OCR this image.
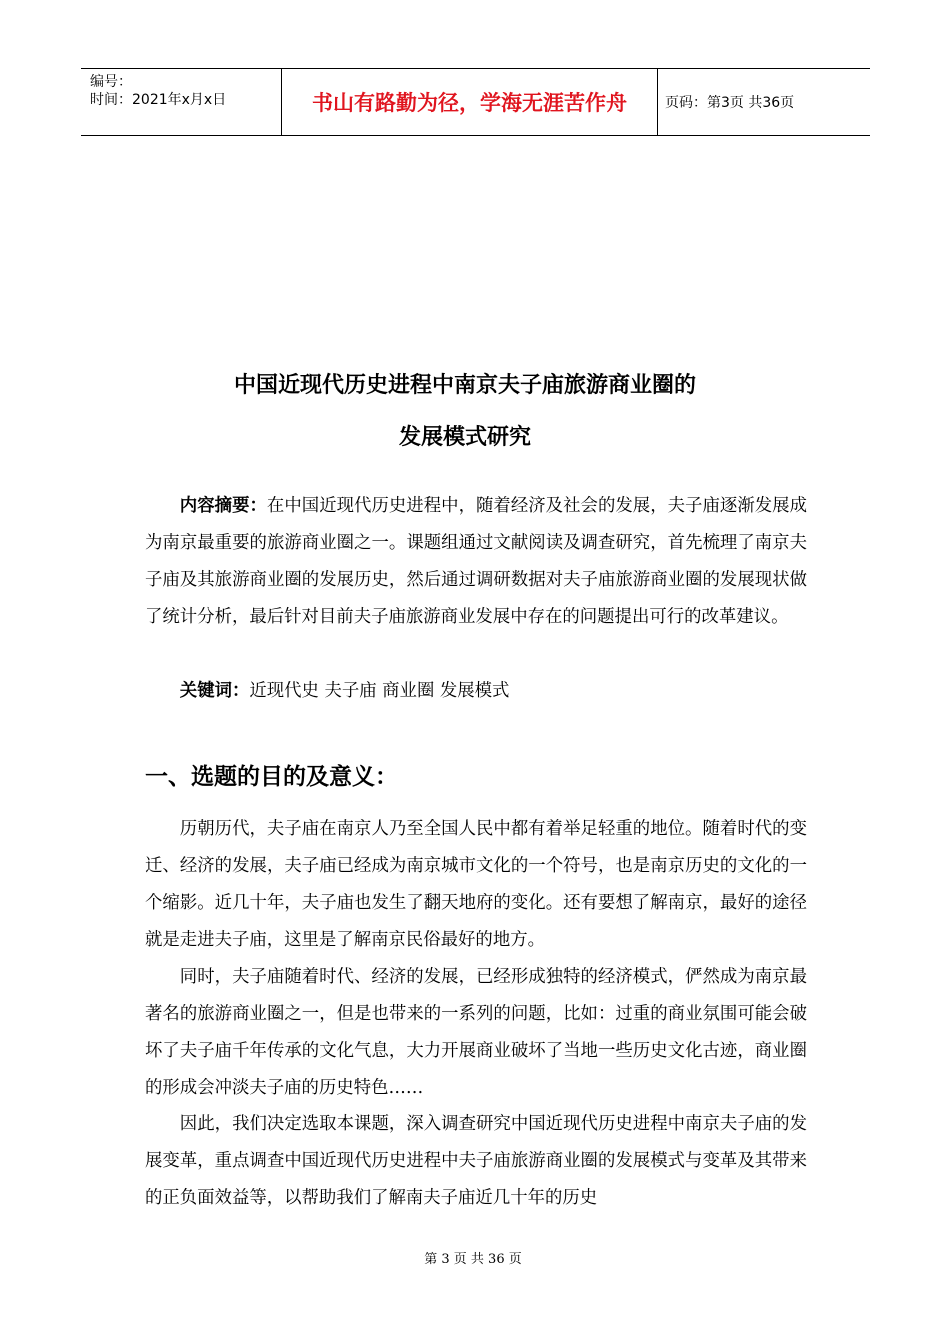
编号：
时间：2021年x月x日	书山有路勤为径，学海无涯苦作舟	页码：第3页 共36页
中国近现代历史进程中南京夫子庙旅游商业圈的
发展模式研究

内容摘要：在中国近现代历史进程中，随着经济及社会的发展，夫子庙逐渐发展成为南京最重要的旅游商业圈之一。课题组通过文献阅读及调查研究，首先梳理了南京夫子庙及其旅游商业圈的发展历史，然后通过调研数据对夫子庙旅游商业圈的发展现状做了统计分析，最后针对目前夫子庙旅游商业发展中存在的问题提出可行的改革建议。

关键词：近现代史 夫子庙 商业圈 发展模式

一、选题的目的及意义：

历朝历代，夫子庙在南京人乃至全国人民中都有着举足轻重的地位。随着时代的变迁、经济的发展，夫子庙已经成为南京城市文化的一个符号，也是南京历史的文化的一个缩影。近几十年，夫子庙也发生了翻天地府的变化。还有要想了解南京，最好的途径就是走进夫子庙，这里是了解南京民俗最好的地方。

同时，夫子庙随着时代、经济的发展，已经形成独特的经济模式，俨然成为南京最著名的旅游商业圈之一，但是也带来的一系列的问题，比如：过重的商业氛围可能会破坏了夫子庙千年传承的文化气息，大力开展商业破坏了当地一些历史文化古迹，商业圈的形成会冲淡夫子庙的历史特色……

因此，我们决定选取本课题，深入调查研究中国近现代历史进程中南京夫子庙的发展变革，重点调查中国近现代历史进程中夫子庙旅游商业圈的发展模式与变革及其带来的正负面效益等，以帮助我们了解南夫子庙近几十年的历史

第 3 页 共 36 页
